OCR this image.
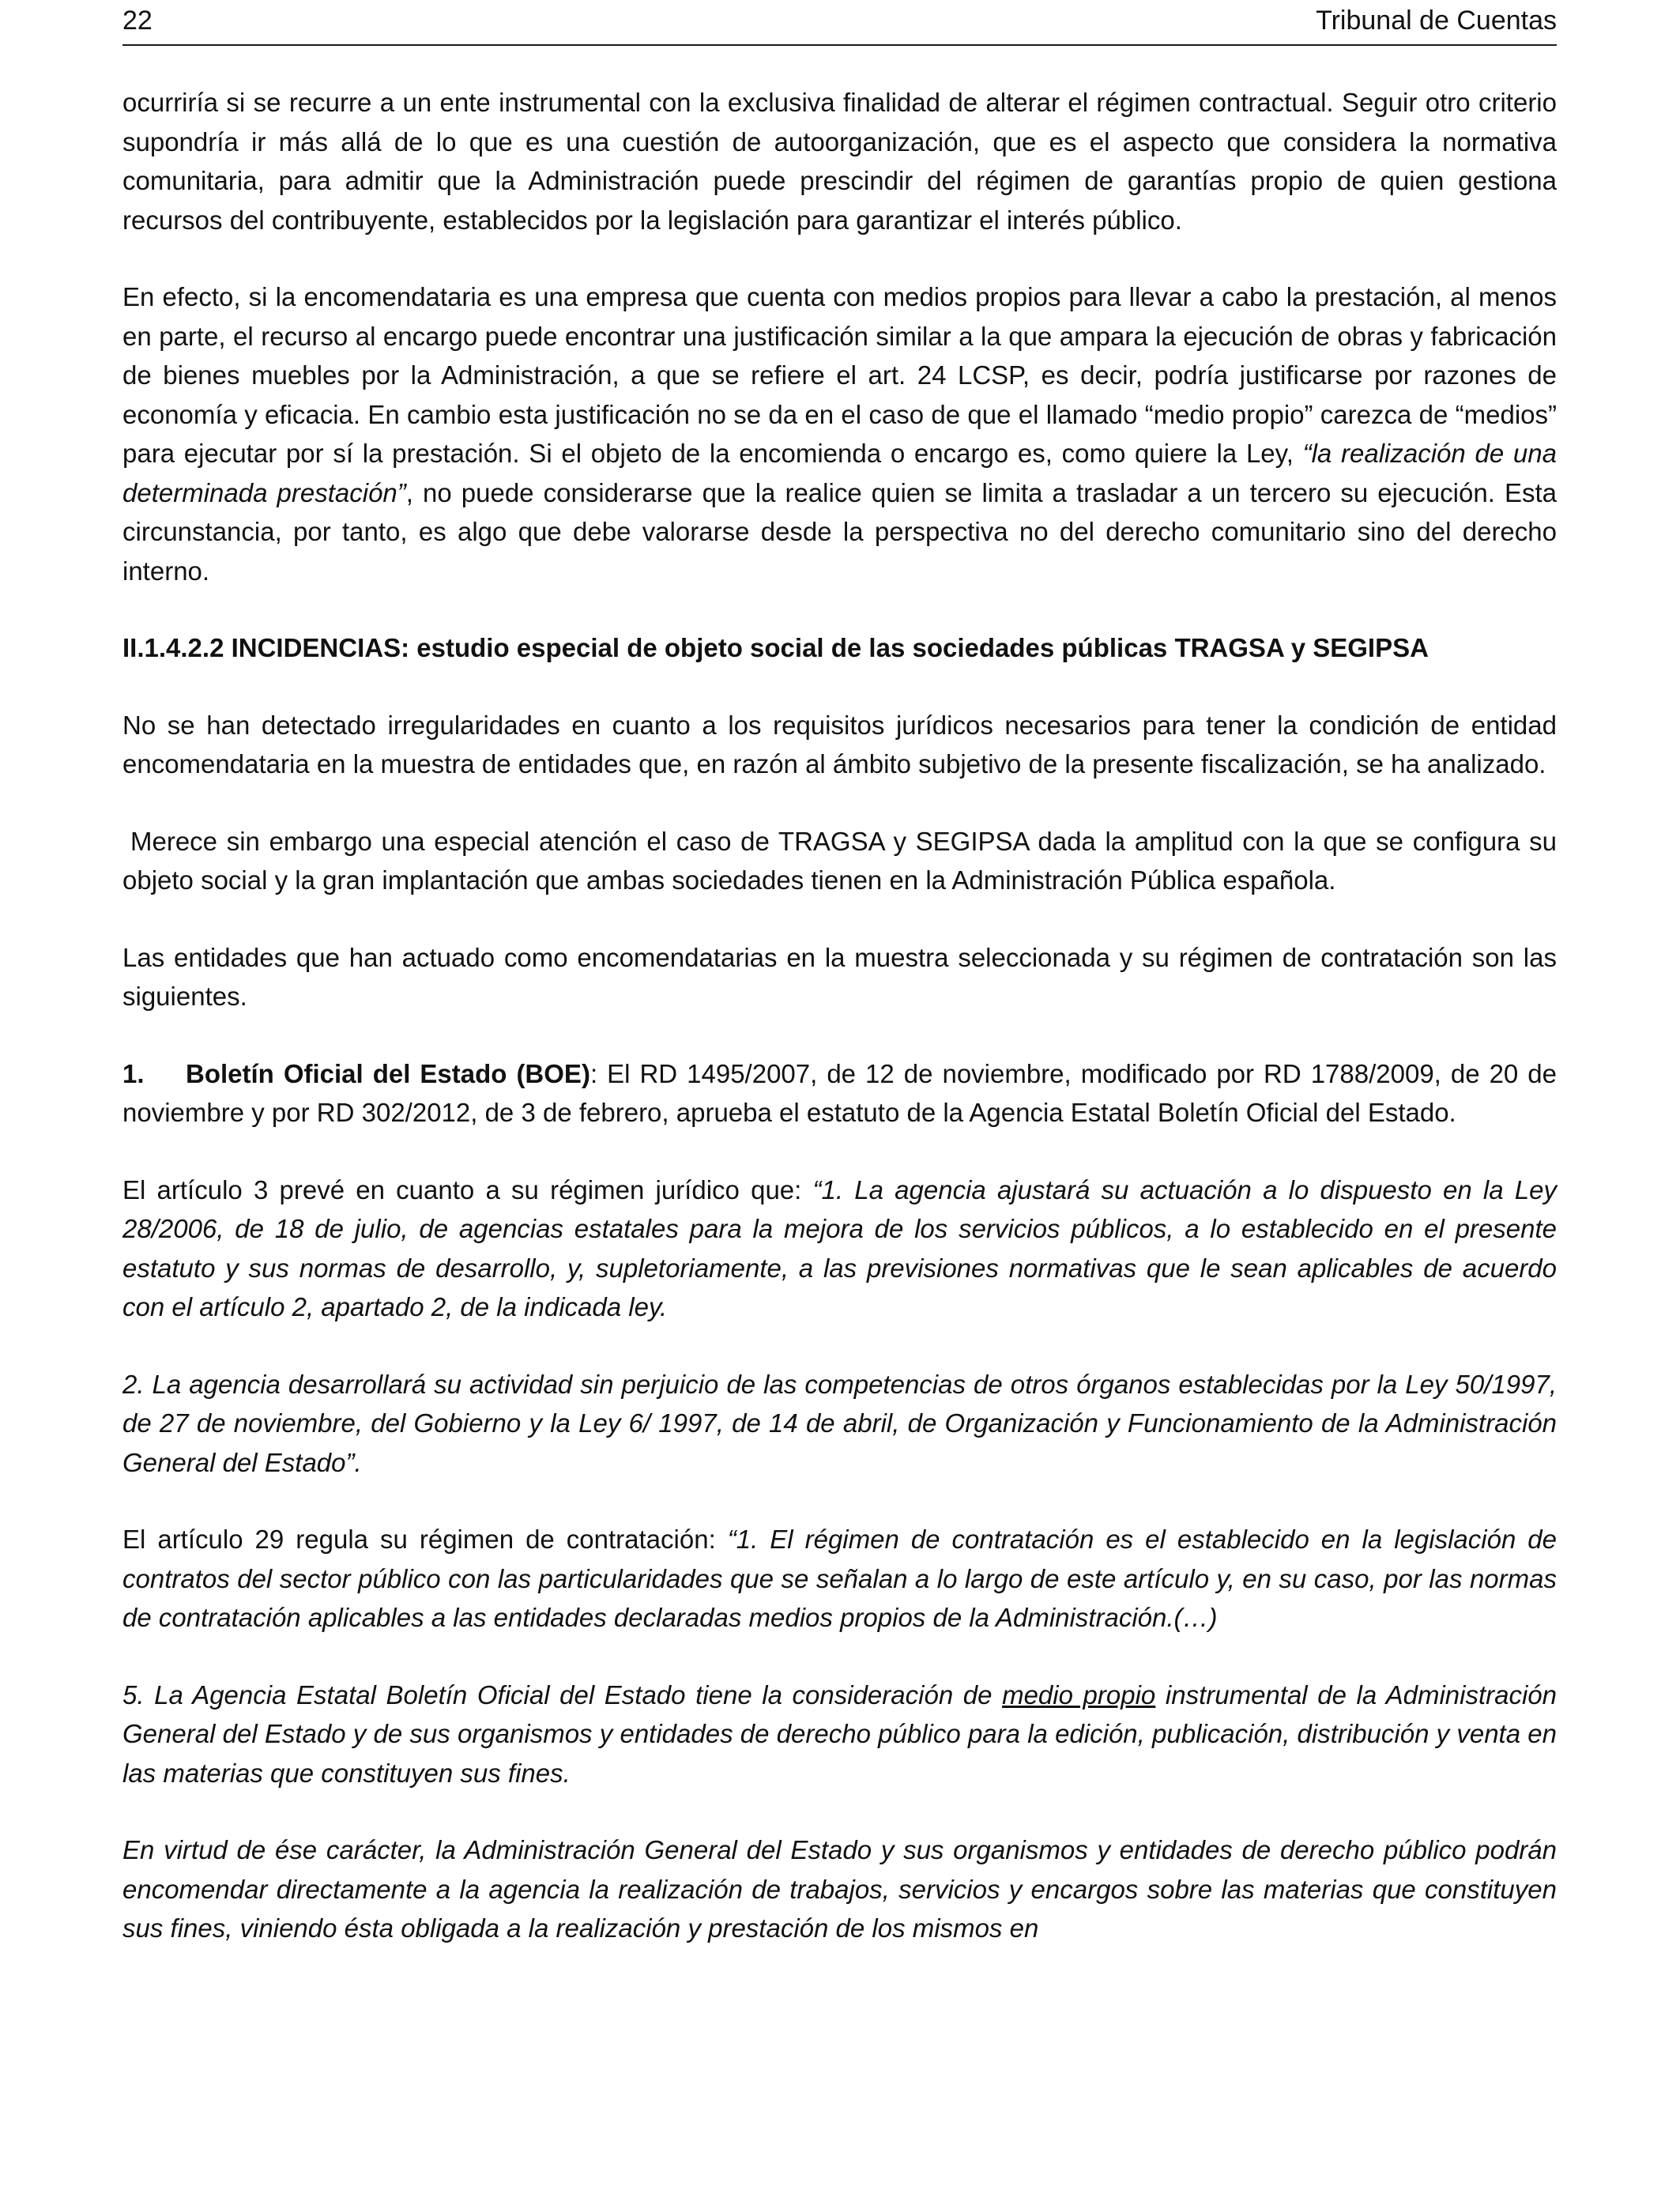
22	Tribunal de Cuentas

ocurriría si se recurre a un ente instrumental con la exclusiva finalidad de alterar el régimen contractual. Seguir otro criterio supondría ir más allá de lo que es una cuestión de autoorganización, que es el aspecto que considera la normativa comunitaria, para admitir que la Administración puede prescindir del régimen de garantías propio de quien gestiona recursos del contribuyente, establecidos por la legislación para garantizar el interés público.

En efecto, si la encomendataria es una empresa que cuenta con medios propios para llevar a cabo la prestación, al menos en parte, el recurso al encargo puede encontrar una justificación similar a la que ampara la ejecución de obras y fabricación de bienes muebles por la Administración, a que se refiere el art. 24 LCSP, es decir, podría justificarse por razones de economía y eficacia. En cambio esta justificación no se da en el caso de que el llamado “medio propio” carezca de “medios” para ejecutar por sí la prestación. Si el objeto de la encomienda o encargo es, como quiere la Ley, “la realización de una determinada prestación”, no puede considerarse que la realice quien se limita a trasladar a un tercero su ejecución. Esta circunstancia, por tanto, es algo que debe valorarse desde la perspectiva no del derecho comunitario sino del derecho interno.

II.1.4.2.2 INCIDENCIAS: estudio especial de objeto social de las sociedades públicas TRAGSA y SEGIPSA

No se han detectado irregularidades en cuanto a los requisitos jurídicos necesarios para tener la condición de entidad encomendataria en la muestra de entidades que, en razón al ámbito subjetivo de la presente fiscalización, se ha analizado.

Merece sin embargo una especial atención el caso de TRAGSA y SEGIPSA dada la amplitud con la que se configura su objeto social y la gran implantación que ambas sociedades tienen en la Administración Pública española.

Las entidades que han actuado como encomendatarias en la muestra seleccionada y su régimen de contratación son las siguientes.

1. Boletín Oficial del Estado (BOE): El RD 1495/2007, de 12 de noviembre, modificado por RD 1788/2009, de 20 de noviembre y por RD 302/2012, de 3 de febrero, aprueba el estatuto de la Agencia Estatal Boletín Oficial del Estado.

El artículo 3 prevé en cuanto a su régimen jurídico que: “1. La agencia ajustará su actuación a lo dispuesto en la Ley 28/2006, de 18 de julio, de agencias estatales para la mejora de los servicios públicos, a lo establecido en el presente estatuto y sus normas de desarrollo, y, supletoriamente, a las previsiones normativas que le sean aplicables de acuerdo con el artículo 2, apartado 2, de la indicada ley.

2. La agencia desarrollará su actividad sin perjuicio de las competencias de otros órganos establecidas por la Ley 50/1997, de 27 de noviembre, del Gobierno y la Ley 6/ 1997, de 14 de abril, de Organización y Funcionamiento de la Administración General del Estado”.

El artículo 29 regula su régimen de contratación: “1. El régimen de contratación es el establecido en la legislación de contratos del sector público con las particularidades que se señalan a lo largo de este artículo y, en su caso, por las normas de contratación aplicables a las entidades declaradas medios propios de la Administración.(…)

5. La Agencia Estatal Boletín Oficial del Estado tiene la consideración de medio propio instrumental de la Administración General del Estado y de sus organismos y entidades de derecho público para la edición, publicación, distribución y venta en las materias que constituyen sus fines.

En virtud de ése carácter, la Administración General del Estado y sus organismos y entidades de derecho público podrán encomendar directamente a la agencia la realización de trabajos, servicios y encargos sobre las materias que constituyen sus fines, viniendo ésta obligada a la realización y prestación de los mismos en
